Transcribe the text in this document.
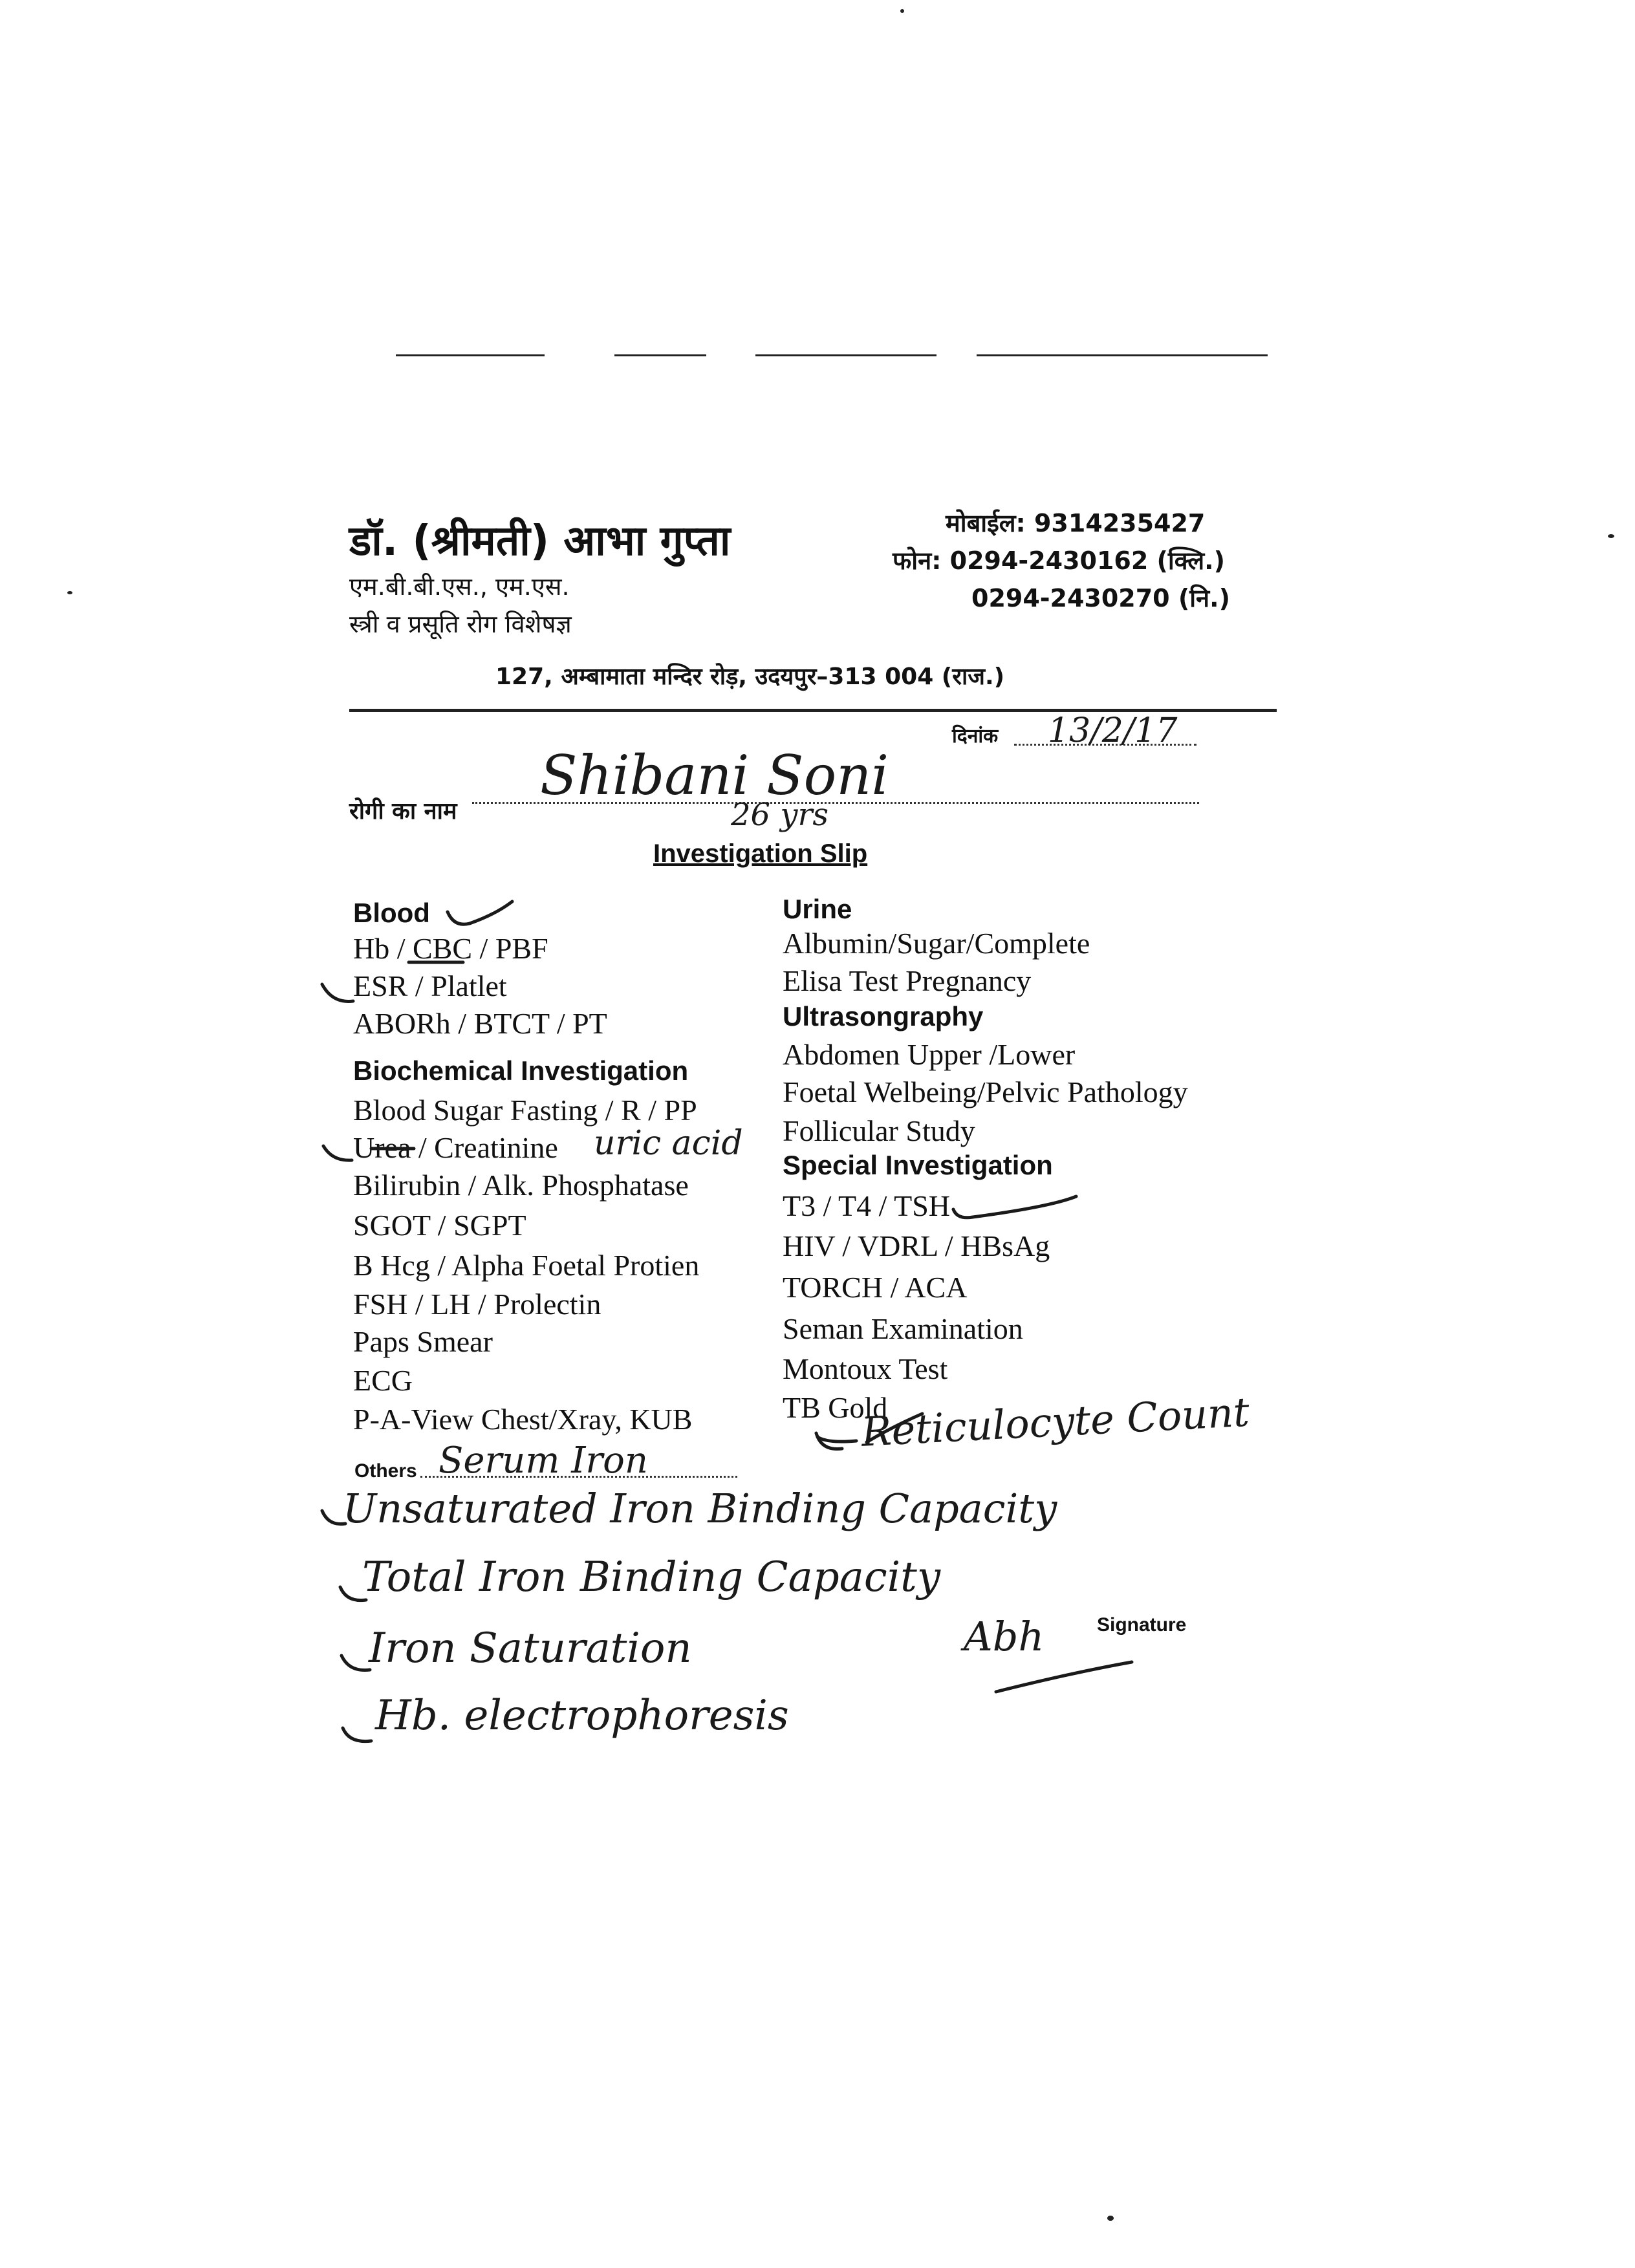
डॉ. (श्रीमती) आभा गुप्ता
एम.बी.बी.एस., एम.एस.
स्त्री व प्रसूति रोग विशेषज्ञ
मोबाईल: 9314235427
फोन: 0294-2430162 (क्लि.)
0294-2430270 (नि.)
127, अम्बामाता मन्दिर रोड़, उदयपुर–313 004 (राज.)
दिनांक 13/2/17
रोगी का नाम
Shibani Soni
26 yrs
Investigation Slip
Blood
Hb / CBC / PBF
ESR / Platlet
ABORh / BTCT / PT
Biochemical Investigation
Blood Sugar Fasting / R / PP
Urea / Creatinine
Bilirubin / Alk. Phosphatase
SGOT / SGPT
B Hcg / Alpha Foetal Protien
FSH / LH / Prolectin
Paps Smear
ECG
P-A-View Chest/Xray, KUB
Others
Urine
Albumin/Sugar/Complete
Elisa Test Pregnancy
Ultrasongraphy
Abdomen Upper /Lower
Foetal Welbeing/Pelvic Pathology
Follicular Study
Special Investigation
T3 / T4 / TSH
HIV / VDRL / HBsAg
TORCH / ACA
Seman Examination
Montoux Test
TB Gold
uric acid
Serum Iron
Reticulocyte Count
Unsaturated Iron Binding Capacity
Total Iron Binding Capacity
Iron Saturation	Abh
Hb. electrophoresis
Signature
